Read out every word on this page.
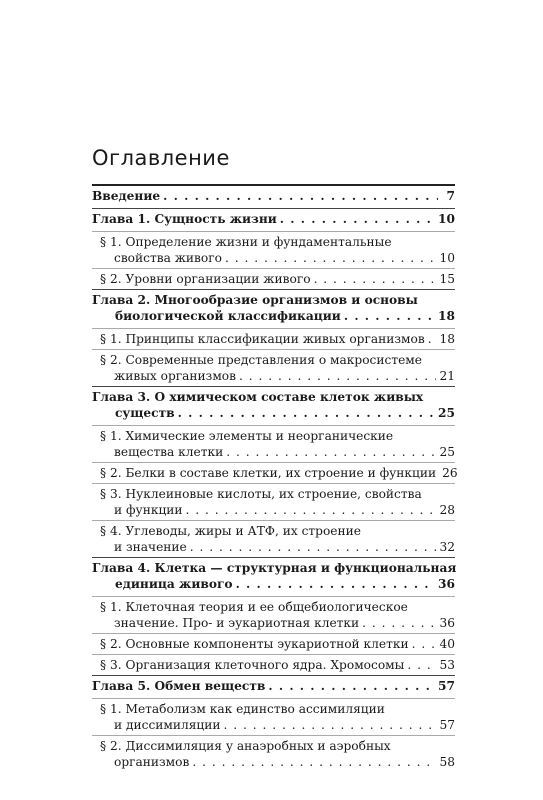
Оглавление
Введение . . .	7
Глава 1. Сущность жизни . . .	10
§ 1. Определение жизни и фундаментальные
свойства живого . . .	10
§ 2. Уровни организации живого . . .	15
Глава 2. Многообразие организмов и основы
биологической классификации . . .	18
§ 1. Принципы классификации живых организмов . . . 18
§ 2. Современные представления о макросистеме
живых организмов . . .	21
Глава 3. О химическом составе клеток живых
существ . . .	25
§ 1. Химические элементы и неорганические
вещества клетки . . .	25
§ 2. Белки в составе клетки, их строение и функции 26
§ 3. Нуклеиновые кислоты, их строение, свойства
и функции . . .	28
§ 4. Углеводы, жиры и АТФ, их строение
и значение . . .	32
Глава 4. Клетка — структурная и функциональная
единица живого . . .	36
§ 1. Клеточная теория и ее общебиологическое
значение. Про- и эукариотная клетки . . .	36
§ 2. Основные компоненты эукариотной клетки . . .	40
§ 3. Организация клеточного ядра. Хромосомы . . .	53
Глава 5. Обмен веществ . . .	57
§ 1. Метаболизм как единство ассимиляции
и диссимиляции . . .	57
§ 2. Диссимиляция у анаэробных и аэробных
организмов . . .	58
